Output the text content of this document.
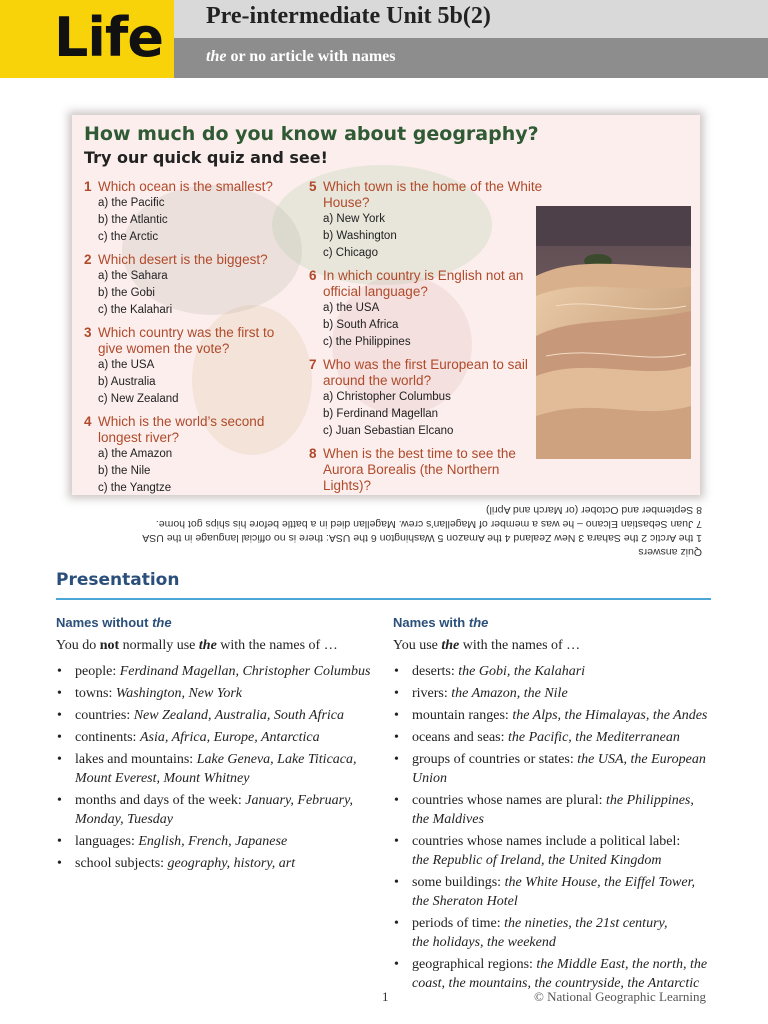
Life Pre-intermediate Unit 5b(2)
the or no article with names
How much do you know about geography?
Try our quick quiz and see!
1 Which ocean is the smallest?
a) the Pacific
b) the Atlantic
c) the Arctic
2 Which desert is the biggest?
a) the Sahara
b) the Gobi
c) the Kalahari
3 Which country was the first to
give women the vote?
a) the USA
b) Australia
c) New Zealand
4 Which is the world’s second
longest river?
a) the Amazon
b) the Nile
c) the Yangtze
5 Which town is the home of the White House?
a) New York
b) Washington
c) Chicago
6 In which country is English not an
official language?
a) the USA
b) South Africa
c) the Philippines
7 Who was the first European to sail
around the world?
a) Christopher Columbus
b) Ferdinand Magellan
c) Juan Sebastian Elcano
8 When is the best time to see the
Aurora Borealis (the Northern Lights)?
Quiz answers
1 the Arctic 2 the Sahara 3 New Zealand 4 the Amazon 5 Washington 6 the USA: there is no official language in the USA
7 Juan Sebastian Elcano – he was a member of Magellan’s crew. Magellan died in a battle before his ships got home.
8 September and October (or March and April)
Presentation
Names without the
You do not normally use the with the names of …
• people: Ferdinand Magellan, Christopher Columbus
• towns: Washington, New York
• countries: New Zealand, Australia, South Africa
• continents: Asia, Africa, Europe, Antarctica
• lakes and mountains: Lake Geneva, Lake Titicaca,
Mount Everest, Mount Whitney
• months and days of the week: January, February,
Monday, Tuesday
• languages: English, French, Japanese
• school subjects: geography, history, art
Names with the
You use the with the names of …
• deserts: the Gobi, the Kalahari
• rivers: the Amazon, the Nile
• mountain ranges: the Alps, the Himalayas, the Andes
• oceans and seas: the Pacific, the Mediterranean
• groups of countries or states: the USA, the European Union
• countries whose names are plural: the Philippines,
the Maldives
• countries whose names include a political label:
the Republic of Ireland, the United Kingdom
• some buildings: the White House, the Eiffel Tower,
the Sheraton Hotel
• periods of time: the nineties, the 21st century,
the holidays, the weekend
• geographical regions: the Middle East, the north, the
coast, the mountains, the countryside, the Antarctic
1	© National Geographic Learning
